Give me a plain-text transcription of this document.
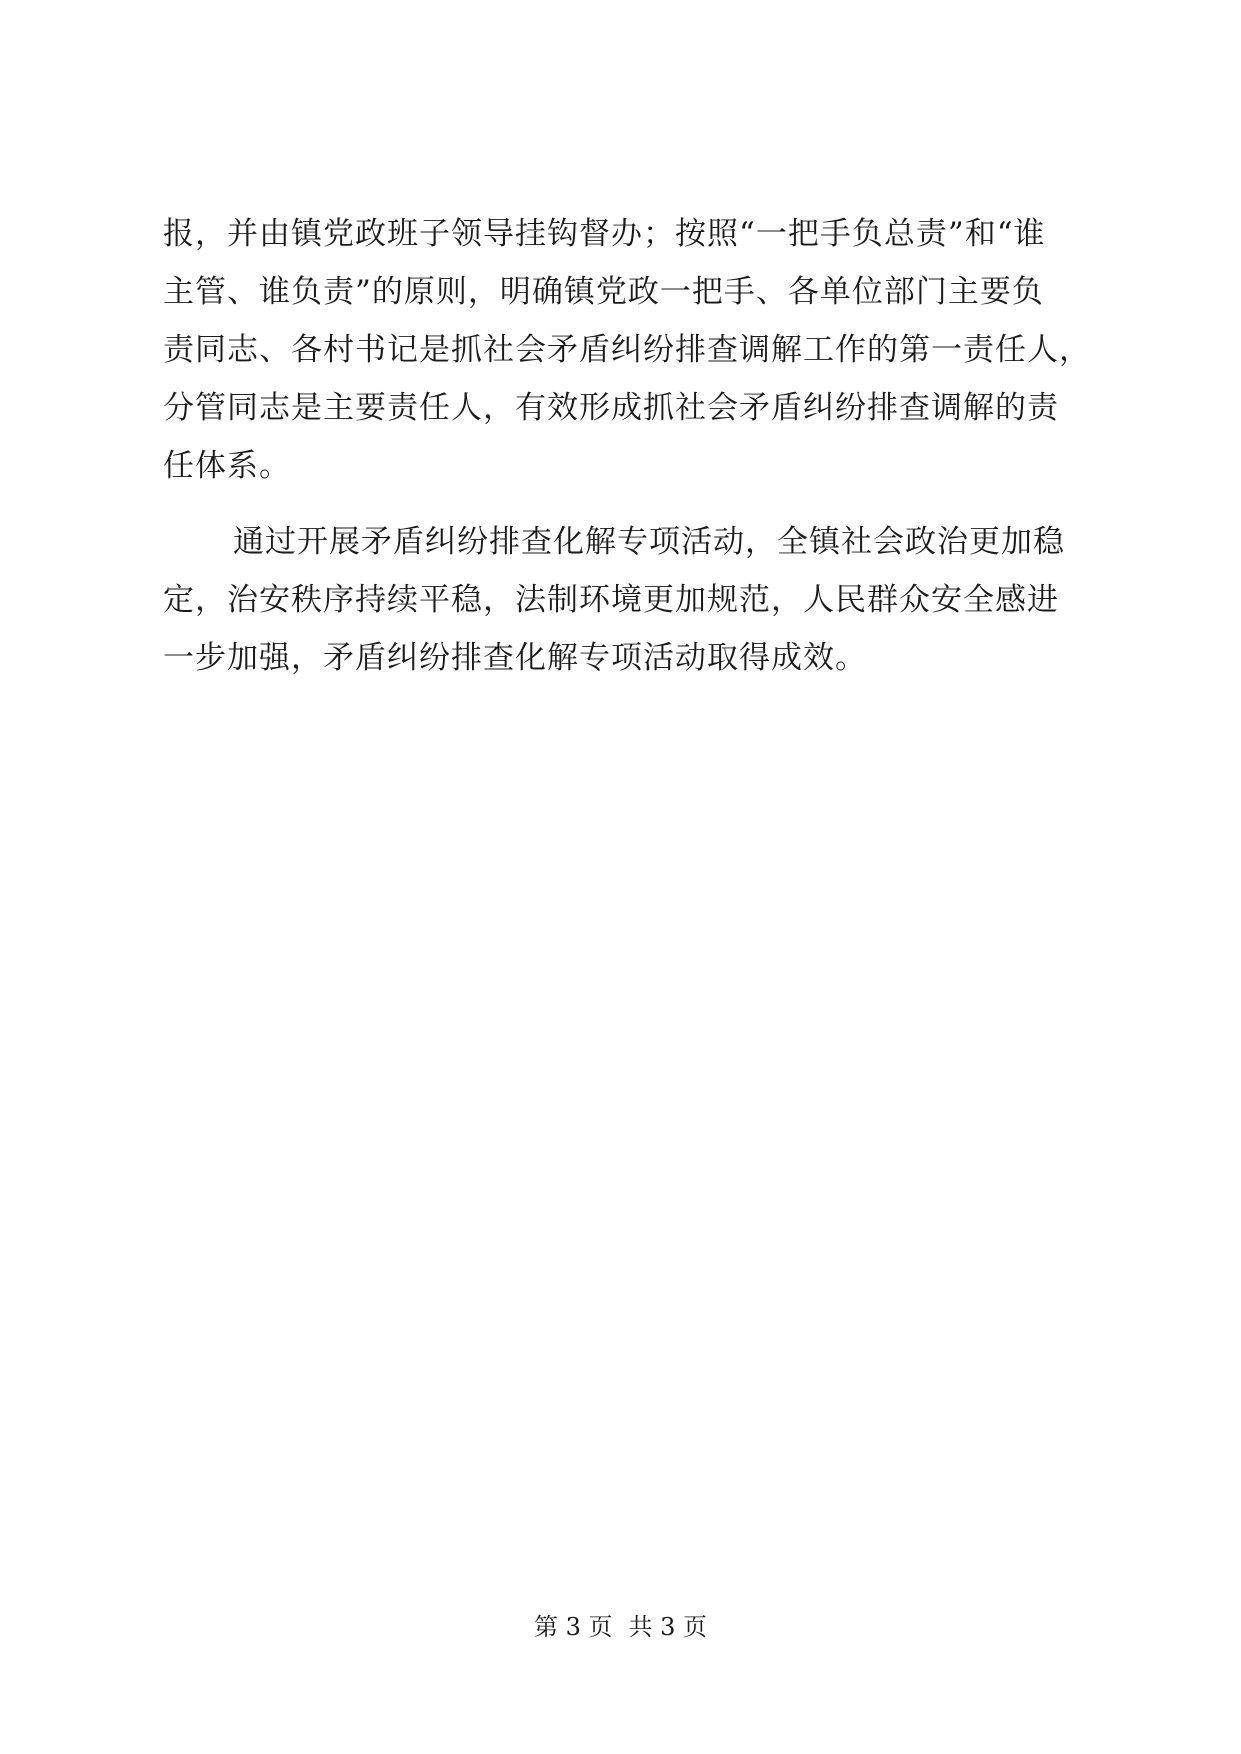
报，并由镇党政班子领导挂钩督办；按照“一把手负总责”和“谁
主管、谁负责”的原则，明确镇党政一把手、各单位部门主要负
责同志、各村书记是抓社会矛盾纠纷排查调解工作的第一责任人，
分管同志是主要责任人，有效形成抓社会矛盾纠纷排查调解的责
任体系。
通过开展矛盾纠纷排查化解专项活动，全镇社会政治更加稳
定，治安秩序持续平稳，法制环境更加规范，人民群众安全感进
一步加强，矛盾纠纷排查化解专项活动取得成效。
第 3 页 共 3 页
